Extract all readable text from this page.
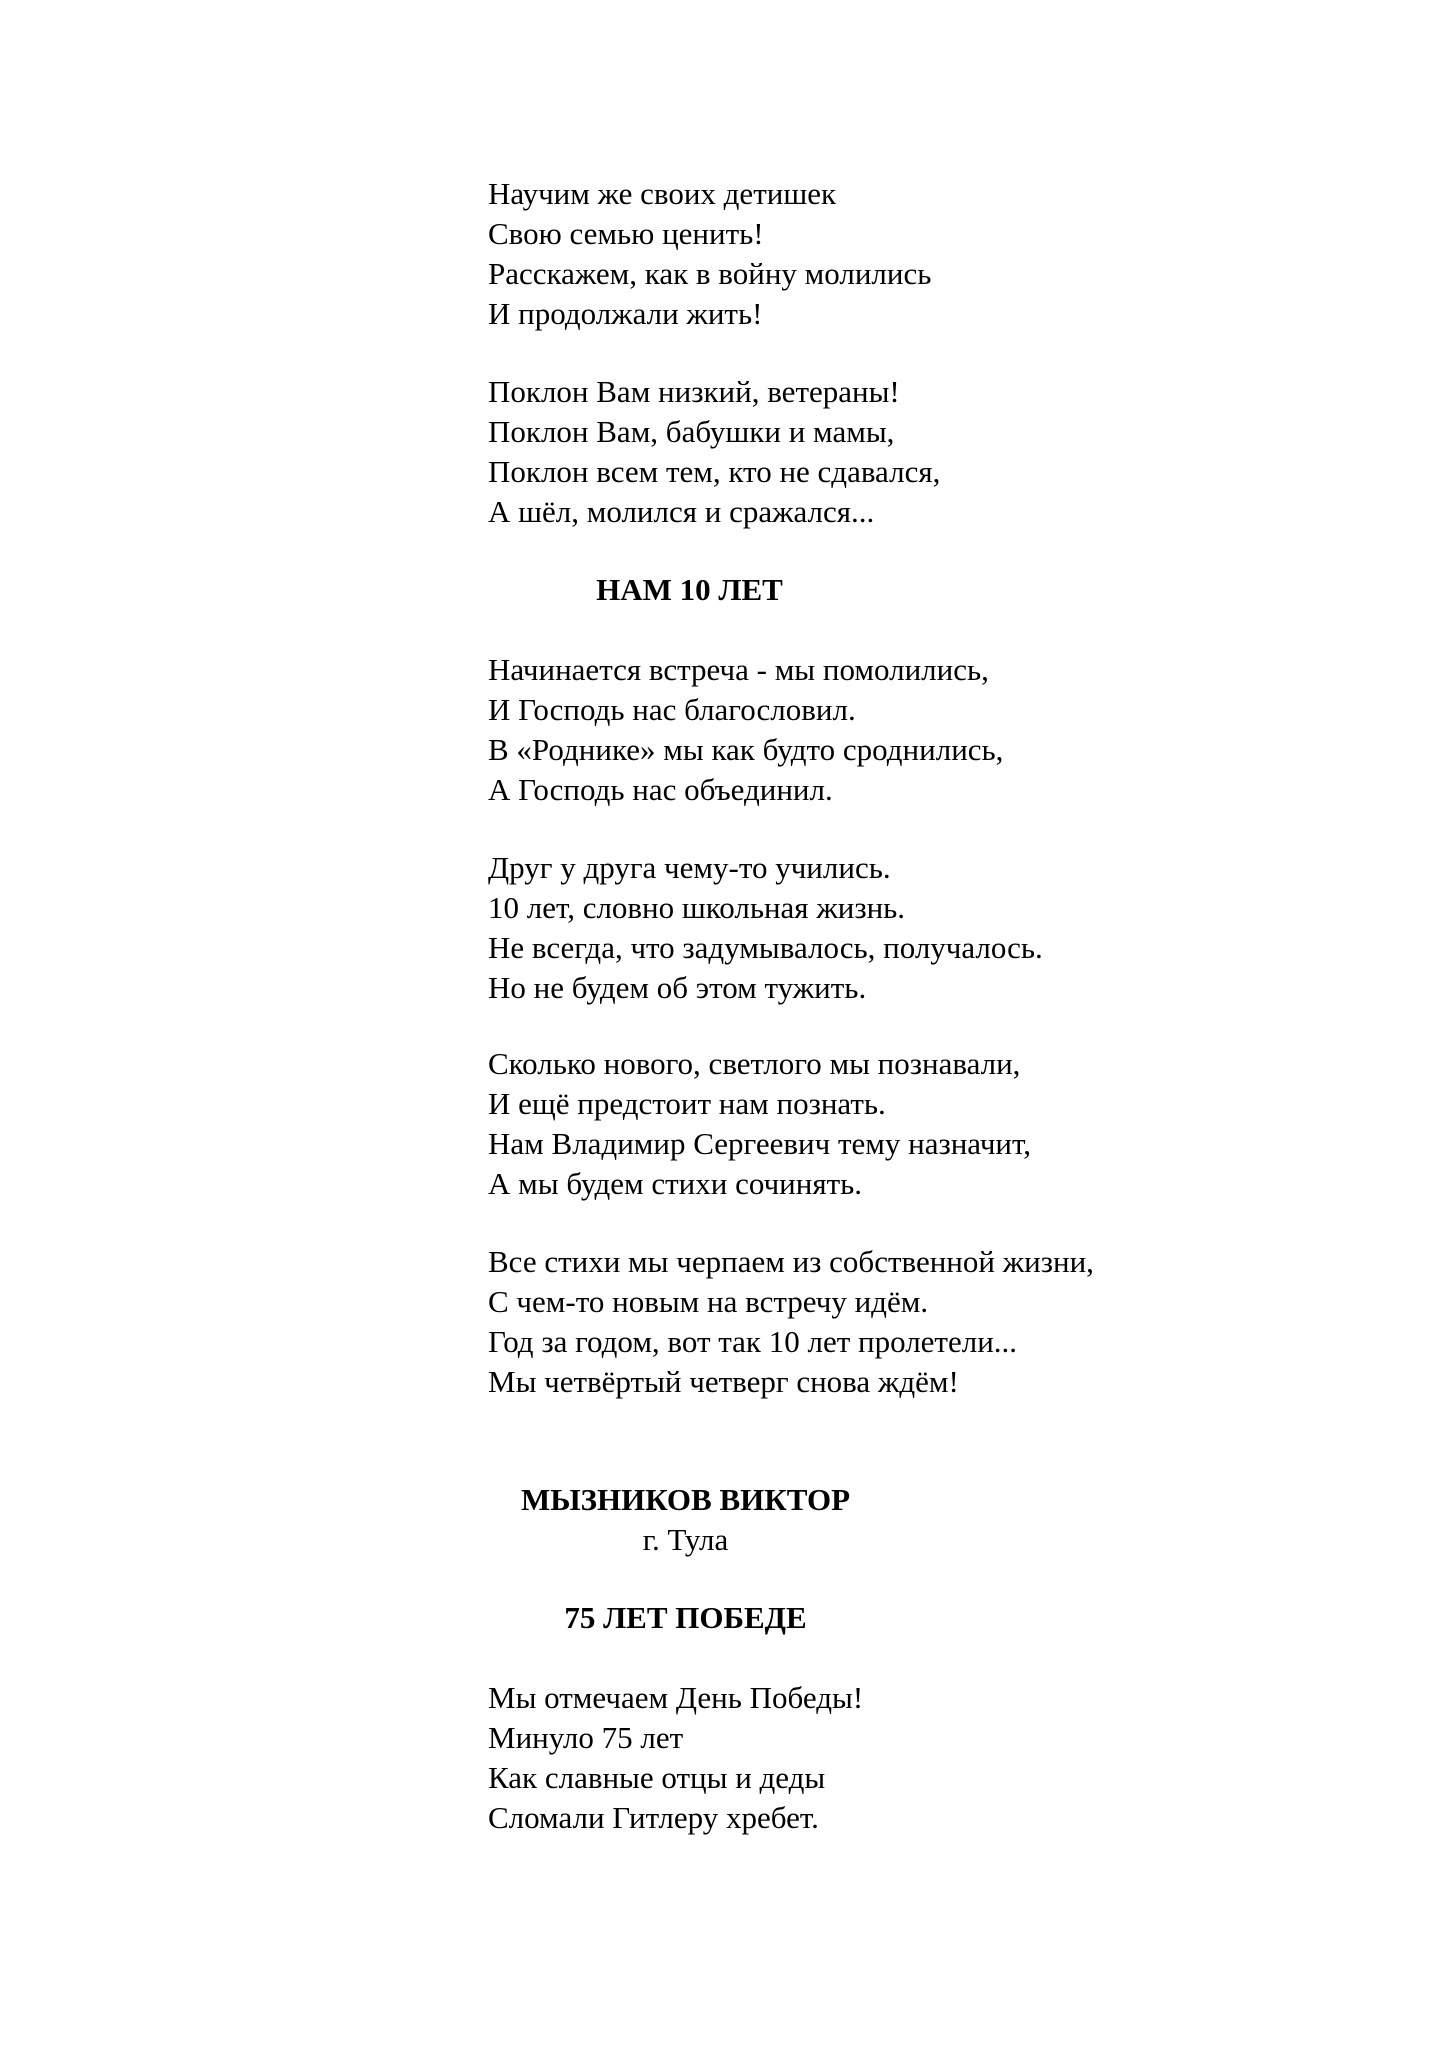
Научим же своих детишек
Свою семью ценить!
Расскажем, как в войну молились
И продолжали жить!
Поклон Вам низкий, ветераны!
Поклон Вам, бабушки и мамы,
Поклон всем тем, кто не сдавался,
А шёл, молился и сражался...
НАМ 10 ЛЕТ
Начинается встреча - мы помолились,
И Господь нас благословил.
В «Роднике» мы как будто сроднились,
А Господь нас объединил.
Друг у друга чему-то учились.
10 лет, словно школьная жизнь.
Не всегда, что задумывалось, получалось.
Но не будем об этом тужить.
Сколько нового, светлого мы познавали,
И ещё предстоит нам познать.
Нам Владимир Сергеевич тему назначит,
А мы будем стихи сочинять.
Все стихи мы черпаем из собственной жизни,
С чем-то новым на встречу идём.
Год за годом, вот так 10 лет пролетели...
Мы четвёртый четверг снова ждём!
МЫЗНИКОВ ВИКТОР
г. Тула
75 ЛЕТ ПОБЕДЕ
Мы отмечаем День Победы!
Минуло 75 лет
Как славные отцы и деды
Сломали Гитлеру хребет.
